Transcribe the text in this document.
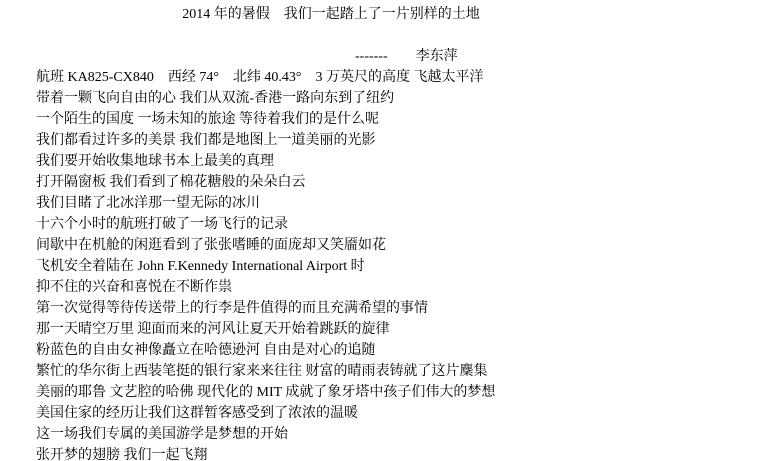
2014 年的暑假　我们一起踏上了一片别样的土地
-------　　李东萍
航班 KA825-CX840　西经 74°　北纬 40.43°　3 万英尺的高度 飞越太平洋
带着一颗飞向自由的心 我们从双流-香港一路向东到了纽约
一个陌生的国度 一场未知的旅途 等待着我们的是什么呢
我们都看过许多的美景 我们都是地图上一道美丽的光影
我们要开始收集地球书本上最美的真理
打开隔窗板 我们看到了棉花糖般的朵朵白云
我们目睹了北冰洋那一望无际的冰川
十六个小时的航班打破了一场飞行的记录
间歇中在机舱的闲逛看到了张张嗜睡的面庞却又笑靥如花
飞机安全着陆在 John F.Kennedy International Airport 时
抑不住的兴奋和喜悦在不断作祟
第一次觉得等待传送带上的行李是件值得的而且充满希望的事情
那一天晴空万里 迎面而来的河风让夏天开始着跳跃的旋律
粉蓝色的自由女神像矗立在哈德逊河 自由是对心的追随
繁忙的华尔街上西装笔挺的银行家来来往往 财富的晴雨表铸就了这片麇集
美丽的耶鲁 文艺腔的哈佛 现代化的 MIT 成就了象牙塔中孩子们伟大的梦想
美国住家的经历让我们这群暂客感受到了浓浓的温暖
这一场我们专属的美国游学是梦想的开始
张开梦的翅膀 我们一起飞翔
